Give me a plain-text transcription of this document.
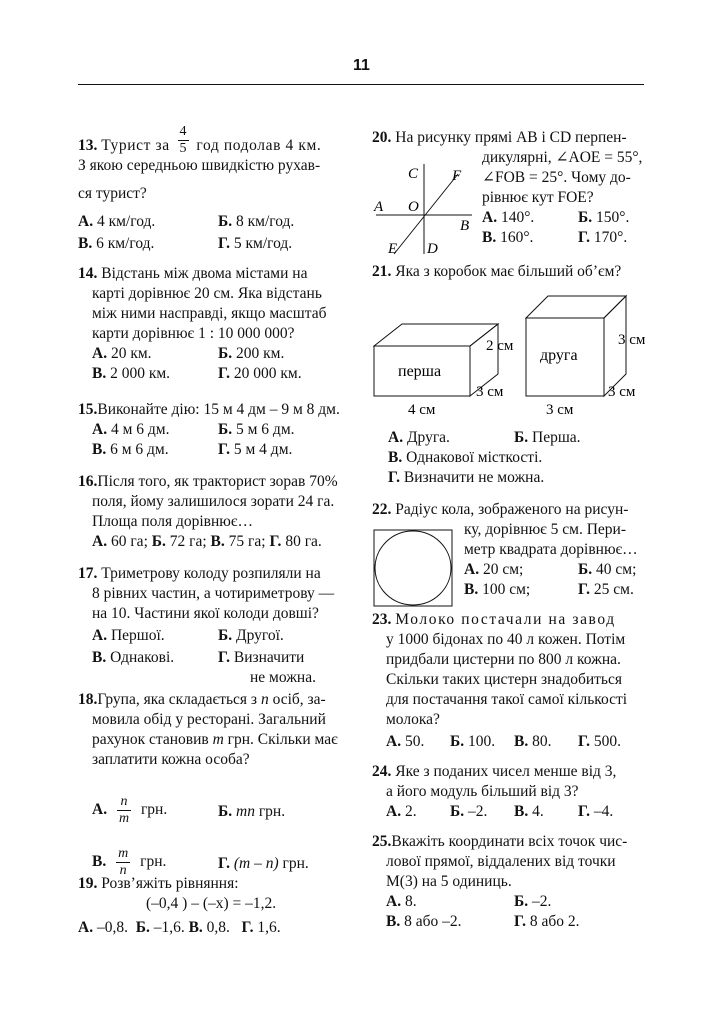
11
13. Турист за $\frac{4}{5}$ год подолав 4 км.

З якою середньою швидкістю рухав-

ся турист?

А. 4 км/год.	Б. 8 км/год.
В. 6 км/год.	Г. 5 км/год.

14. Відстань між двома містами на

карті дорівнює 20 см. Яка відстань

між ними насправді, якщо масштаб

карти дорівнює 1 : 10 000 000?

А. 20 км.	Б. 200 км.
В. 2 000 км.	Г. 20 000 км.

15.Виконайте дію: 15 м 4 дм – 9 м 8 дм.

А. 4 м 6 дм.	Б. 5 м 6 дм.
В. 6 м 6 дм.	Г. 5 м 4 дм.

16.Після того, як тракторист зорав 70%

поля, йому залишилося зорати 24 га.

Площа поля дорівнює…

А. 60 га; Б. 72 га; В. 75 га; Г. 80 га.

17. Триметрову колоду розпиляли на

8 рівних частин, а чотириметрову —

на 10. Частини якої колоди довші?

А. Першої.	Б. Другої.
В. Однакові.	Г. Визначити
не можна.

18.Група, яка складається з n осіб, за-

мовила обід у ресторані. Загальний

рахунок становив m грн. Скільки має

заплатити кожна особа?

А. $\frac{n}{m}$ грн.	Б. mn грн.
В. $\frac{m}{n}$ грн.	Г. (m – n) грн.

19. Розв’яжіть рівняння:

(–0,4 ) – (–x) = –1,2.

А. –0,8. Б. –1,6. В. 0,8. Г. 1,6.

20. На рисунку прямі AB і CD перпен-

дикулярні, ∠AOE = 55°,

∠FOB = 25°. Чому до-

рівнює кут FOE?

А. 140°.	Б. 150°.
В. 160°.	Г. 170°.
C F
A O
B
E D

21. Яка з коробок має більший об’єм?

перша
2 см
3 см
4 см
друга
3 см
3 см
3 см
А. Друга.	Б. Перша.
В. Однакової місткості.
Г. Визначити не можна.

22. Радіус кола, зображеного на рисун-

ку, дорівнює 5 см. Пери-

метр квадрата дорівнює…

А. 20 см;	Б. 40 см;
В. 100 см;	Г. 25 см.

23. Молоко постачали на завод

у 1000 бідонах по 40 л кожен. Потім

придбали цистерни по 800 л кожна.

Скільки таких цистерн знадобиться

для постачання такої самої кількості

молока?

А. 50. Б. 100. В. 80. Г. 500.

24. Яке з поданих чисел менше від 3,

а його модуль більший від 3?

А. 2. Б. –2. В. 4. Г. –4.

25.Вкажіть координати всіх точок чис-

лової прямої, віддалених від точки

M(3) на 5 одиниць.

А. 8.	Б. –2.
В. 8 або –2.	Г. 8 або 2.
